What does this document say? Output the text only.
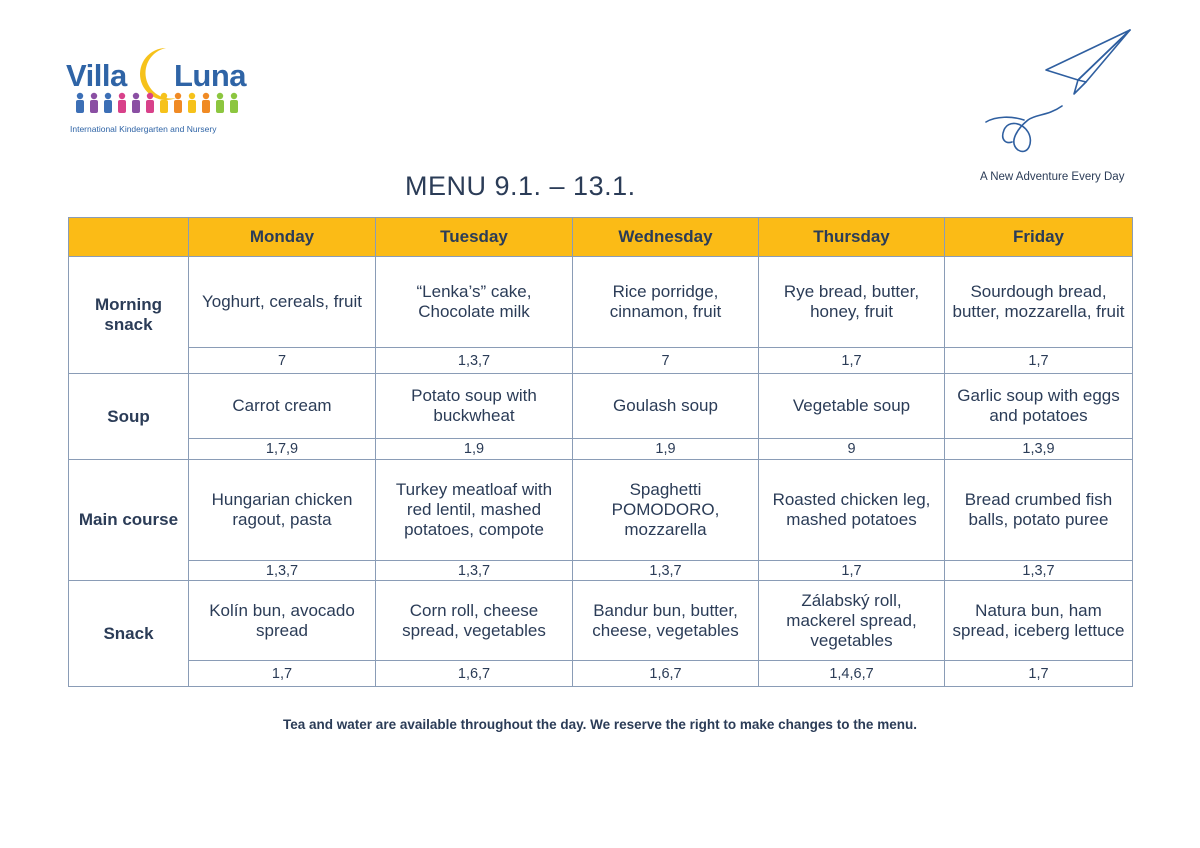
Villa Luna
International Kindergarten and Nursery
A New Adventure Every Day
MENU 9.1. – 13.1.
	Monday	Tuesday	Wednesday	Thursday	Friday
Morning snack	Yoghurt, cereals, fruit	“Lenka’s” cake, Chocolate milk	Rice porridge, cinnamon, fruit	Rye bread, butter, honey, fruit	Sourdough bread, butter, mozzarella, fruit
	7	1,3,7	7	1,7	1,7
Soup	Carrot cream	Potato soup with buckwheat	Goulash soup	Vegetable soup	Garlic soup with eggs and potatoes
	1,7,9	1,9	1,9	9	1,3,9
Main course	Hungarian chicken ragout, pasta	Turkey meatloaf with red lentil, mashed potatoes, compote	Spaghetti POMODORO, mozzarella	Roasted chicken leg, mashed potatoes	Bread crumbed fish balls, potato puree
	1,3,7	1,3,7	1,3,7	1,7	1,3,7
Snack	Kolín bun, avocado spread	Corn roll, cheese spread, vegetables	Bandur bun, butter, cheese, vegetables	Zálabský roll, mackerel spread, vegetables	Natura bun, ham spread, iceberg lettuce
	1,7	1,6,7	1,6,7	1,4,6,7	1,7
Tea and water are available throughout the day. We reserve the right to make changes to the menu.
